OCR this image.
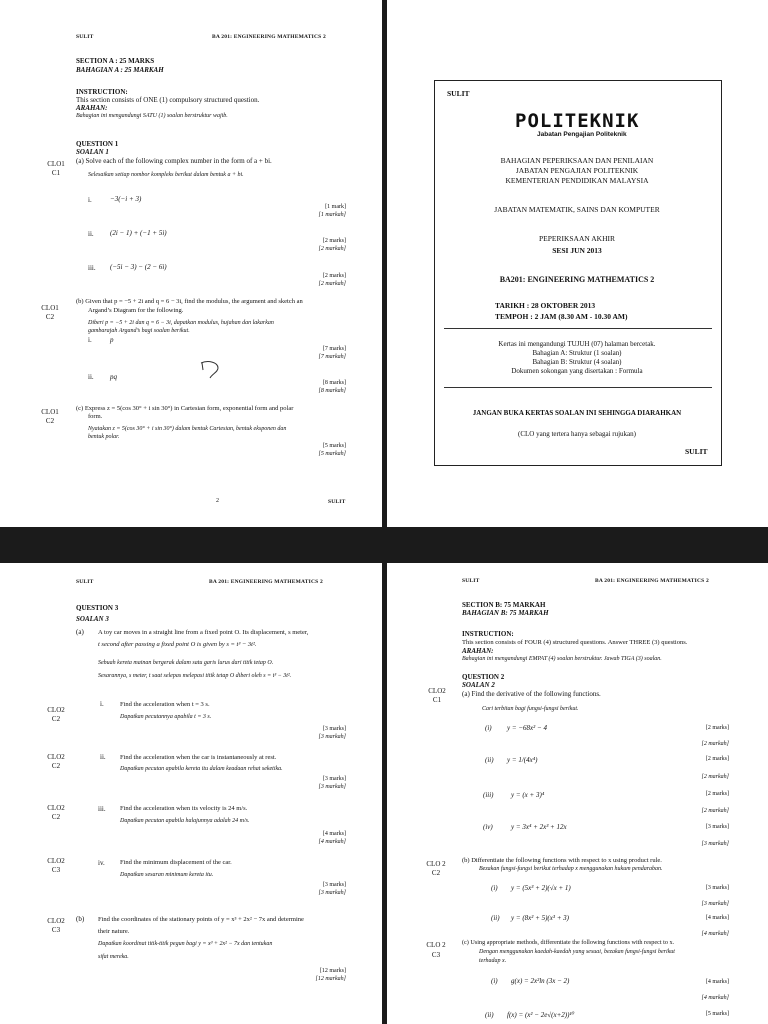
SULIT	BA 201: ENGINEERING MATHEMATICS 2
SECTION A : 25 MARKS
BAHAGIAN A : 25 MARKAH
INSTRUCTION:
This section consists of ONE (1) compulsory structured question.
ARAHAN:
Bahagian ini mengandungi SATU (1) soalan berstruktur wajib.
QUESTION 1
SOALAN 1
CLO1
C1
(a) Solve each of the following complex number in the form of a + bi.
Selesaikan setiap nombor kompleks berikut dalam bentuk a + bi.
i.	−3(−i + 3)
[1 mark]
[1 markah]
ii. (2i − 1) + (−1 + 5i)
[2 marks]
[2 markah]
iii. (−5i − 3) − (2 − 6i)
[2 marks]
[2 markah]
CLO1
C2
(b) Given that p = −5 + 2i and q = 6 − 3i, find the modulus, the argument and sketch an
Argand’s Diagram for the following.
Diberi p = −5 + 2i dan q = 6 − 3i, dapatkan modulus, hujahan dan lakarkan
gambarajah Argand’s bagi soalan berikut.
i.	p
[7 marks]
[7 markah]
ii. pq
[8 marks]
[8 markah]
CLO1
C2
(c) Express z = 5(cos 30° + i sin 30°) in Cartesian form, exponential form and polar
form.
Nyatakan z = 5(cos 30° + i sin 30°) dalam bentuk Cartesian, bentuk eksponen dan
bentuk polar.
[5 marks]
[5 markah]
2	SULIT
SULIT
POLITEKNIK
Jabatan Pengajian Politeknik
BAHAGIAN PEPERIKSAAN DAN PENILAIAN
JABATAN PENGAJIAN POLITEKNIK
KEMENTERIAN PENDIDIKAN MALAYSIA
JABATAN MATEMATIK, SAINS DAN KOMPUTER
PEPERIKSAAN AKHIR
SESI JUN 2013
BA201: ENGINEERING MATHEMATICS 2
TARIKH : 28 OKTOBER 2013
TEMPOH : 2 JAM (8.30 AM - 10.30 AM)
Kertas ini mengandungi TUJUH (07) halaman bercetak.
Bahagian A: Struktur (1 soalan)
Bahagian B: Struktur (4 soalan)
Dokumen sokongan yang disertakan : Formula
JANGAN BUKA KERTAS SOALAN INI SEHINGGA DIARAHKAN
(CLO yang tertera hanya sebagai rujukan)
SULIT
SULIT	BA 201: ENGINEERING MATHEMATICS 2
QUESTION 3
SOALAN 3
(a) A toy car moves in a straight line from a fixed point O. Its displacement, s meter,
t second after passing a fixed point O is given by s = t³ − 3t².
Sebuah kereta mainan bergerak dalam satu garis lurus dari titik tetap O.
Sesarannya, s meter, t saat selepas melepasi titik tetap O diberi oleh s = t³ − 3t².
CLO2
C2
i.	Find the acceleration when t = 3 s.
Dapatkan pecutannya apabila t = 3 s.
[3 marks]
[3 markah]
CLO2
C2
ii. Find the acceleration when the car is instantaneously at rest.
Dapatkan pecutan apabila kereta itu dalam keadaan rehat seketika.
[3 marks]
[3 markah]
CLO2
C2
iii. Find the acceleration when its velocity is 24 m/s.
Dapatkan pecutan apabila halajunnya adalah 24 m/s.
[4 marks]
[4 markah]
CLO2
C3
iv. Find the minimum displacement of the car.
Dapatkan sesaran minimum kereta itu.
[3 marks]
[3 markah]
CLO2
C3
(b) Find the coordinates of the stationary points of y = x³ + 2x² − 7x and determine
their nature.
Dapatkan koordinat titik-titik pegun bagi y = x³ + 2x² − 7x dan tentukan
sifat mereka.
[12 marks]
[12 markah]
SULIT	BA 201: ENGINEERING MATHEMATICS 2
SECTION B: 75 MARKAH
BAHAGIAN B: 75 MARKAH
INSTRUCTION:
This section consists of FOUR (4) structured questions. Answer THREE (3) questions.
ARAHAN:
Bahagian ini mengandungi EMPAT (4) soalan berstruktur. Jawab TIGA (3) soalan.
QUESTION 2
SOALAN 2
CLO2
C1
(a) Find the derivative of the following functions.
Cari terbitan bagi fungsi-fungsi berikut.
(i) y = −68x² − 4	[2 marks]
[2 markah]
(ii) y = 1/(4x⁴)	[2 marks]
[2 markah]
(iii)	y = (x + 3)⁴	[2 marks]
[2 markah]
(iv)	y = 3x⁴ + 2x³ + 12x	[3 marks]
[3 markah]
CLO 2
C2
(b) Differentiate the following functions with respect to x using product rule.
Bezakan fungsi-fungsi berikut terhadap x menggunakan hukum pendaraban.
(i) y = (5x³ + 2)(√x + 1)	[3 marks]
[3 markah]
(ii) y = (8x² + 5)(x³ + 3)	[4 marks]
[4 markah]
CLO 2
C3
(c) Using appropriate methods, differentiate the following functions with respect to x.
Dengan menggunakan kaedah-kaedah yang sesuai, bezakan fungsi-fungsi berikut
terhadap x.
(i) g(x) = 2x²ln (3x − 2)	[4 marks]
[4 markah]
(ii) f(x) = (x² − 2e√(x+2))¹⁰	[5 marks]
